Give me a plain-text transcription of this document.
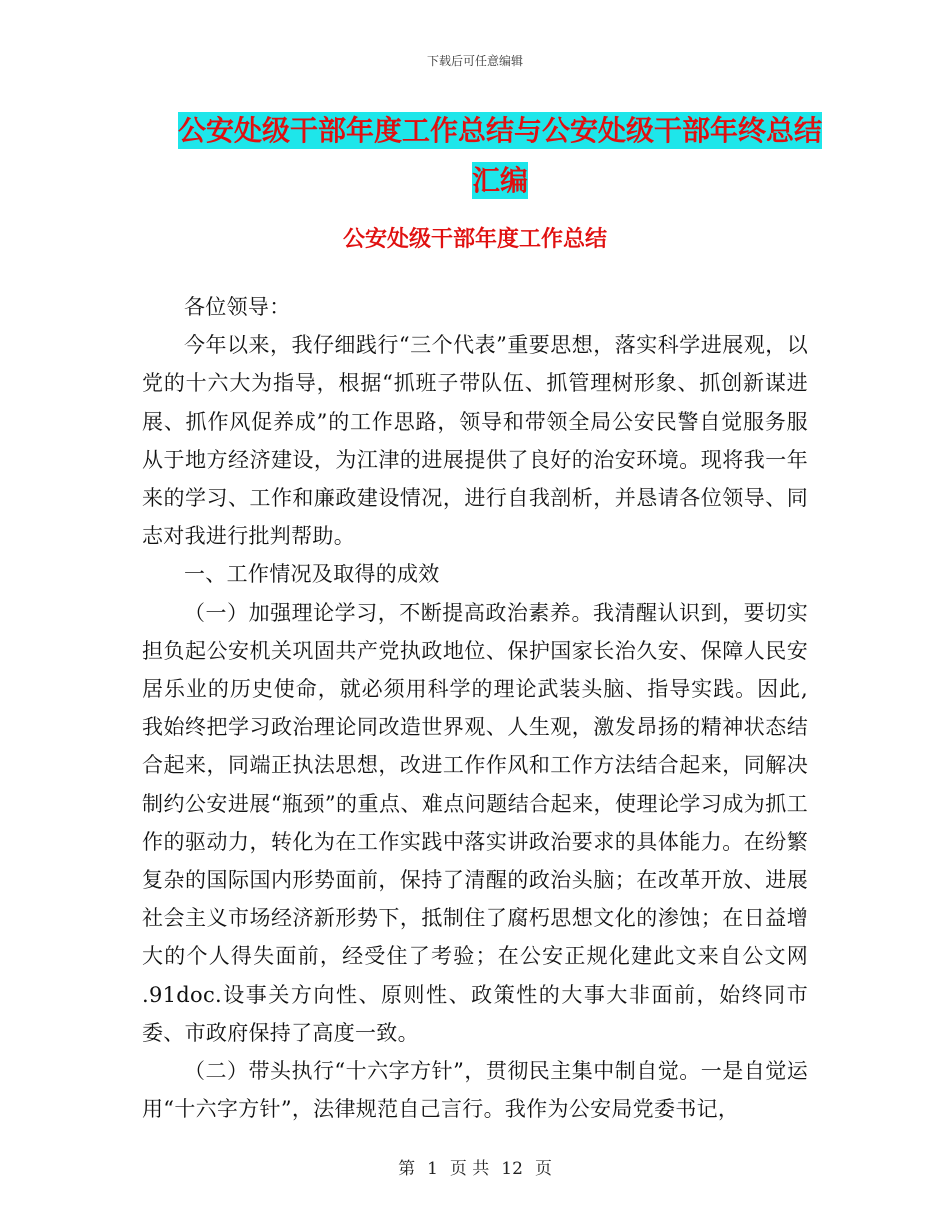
下载后可任意编辑
公安处级干部年度工作总结与公安处级干部年终总结
汇编
公安处级干部年度工作总结

各位领导：

今年以来，我仔细践行“三个代表”重要思想，落实科学进展观，以党的十六大为指导，根据“抓班子带队伍、抓管理树形象、抓创新谋进展、抓作风促养成”的工作思路，领导和带领全局公安民警自觉服务服从于地方经济建设，为江津的进展提供了良好的治安环境。现将我一年来的学习、工作和廉政建设情况，进行自我剖析，并恳请各位领导、同志对我进行批判帮助。

一、工作情况及取得的成效

（一）加强理论学习，不断提高政治素养。我清醒认识到，要切实担负起公安机关巩固共产党执政地位、保护国家长治久安、保障人民安居乐业的历史使命，就必须用科学的理论武装头脑、指导实践。因此,我始终把学习政治理论同改造世界观、人生观，激发昂扬的精神状态结合起来，同端正执法思想，改进工作作风和工作方法结合起来，同解决制约公安进展“瓶颈”的重点、难点问题结合起来，使理论学习成为抓工作的驱动力，转化为在工作实践中落实讲政治要求的具体能力。在纷繁复杂的国际国内形势面前，保持了清醒的政治头脑；在改革开放、进展社会主义市场经济新形势下，抵制住了腐朽思想文化的渗蚀；在日益增大的个人得失面前，经受住了考验；在公安正规化建此文来自公文网 .91doc.设事关方向性、原则性、政策性的大事大非面前，始终同市委、市政府保持了高度一致。

（二）带头执行“十六字方针”，贯彻民主集中制自觉。一是自觉运用“十六字方针”，法律规范自己言行。我作为公安局党委书记，

第 1 页 共 12 页
